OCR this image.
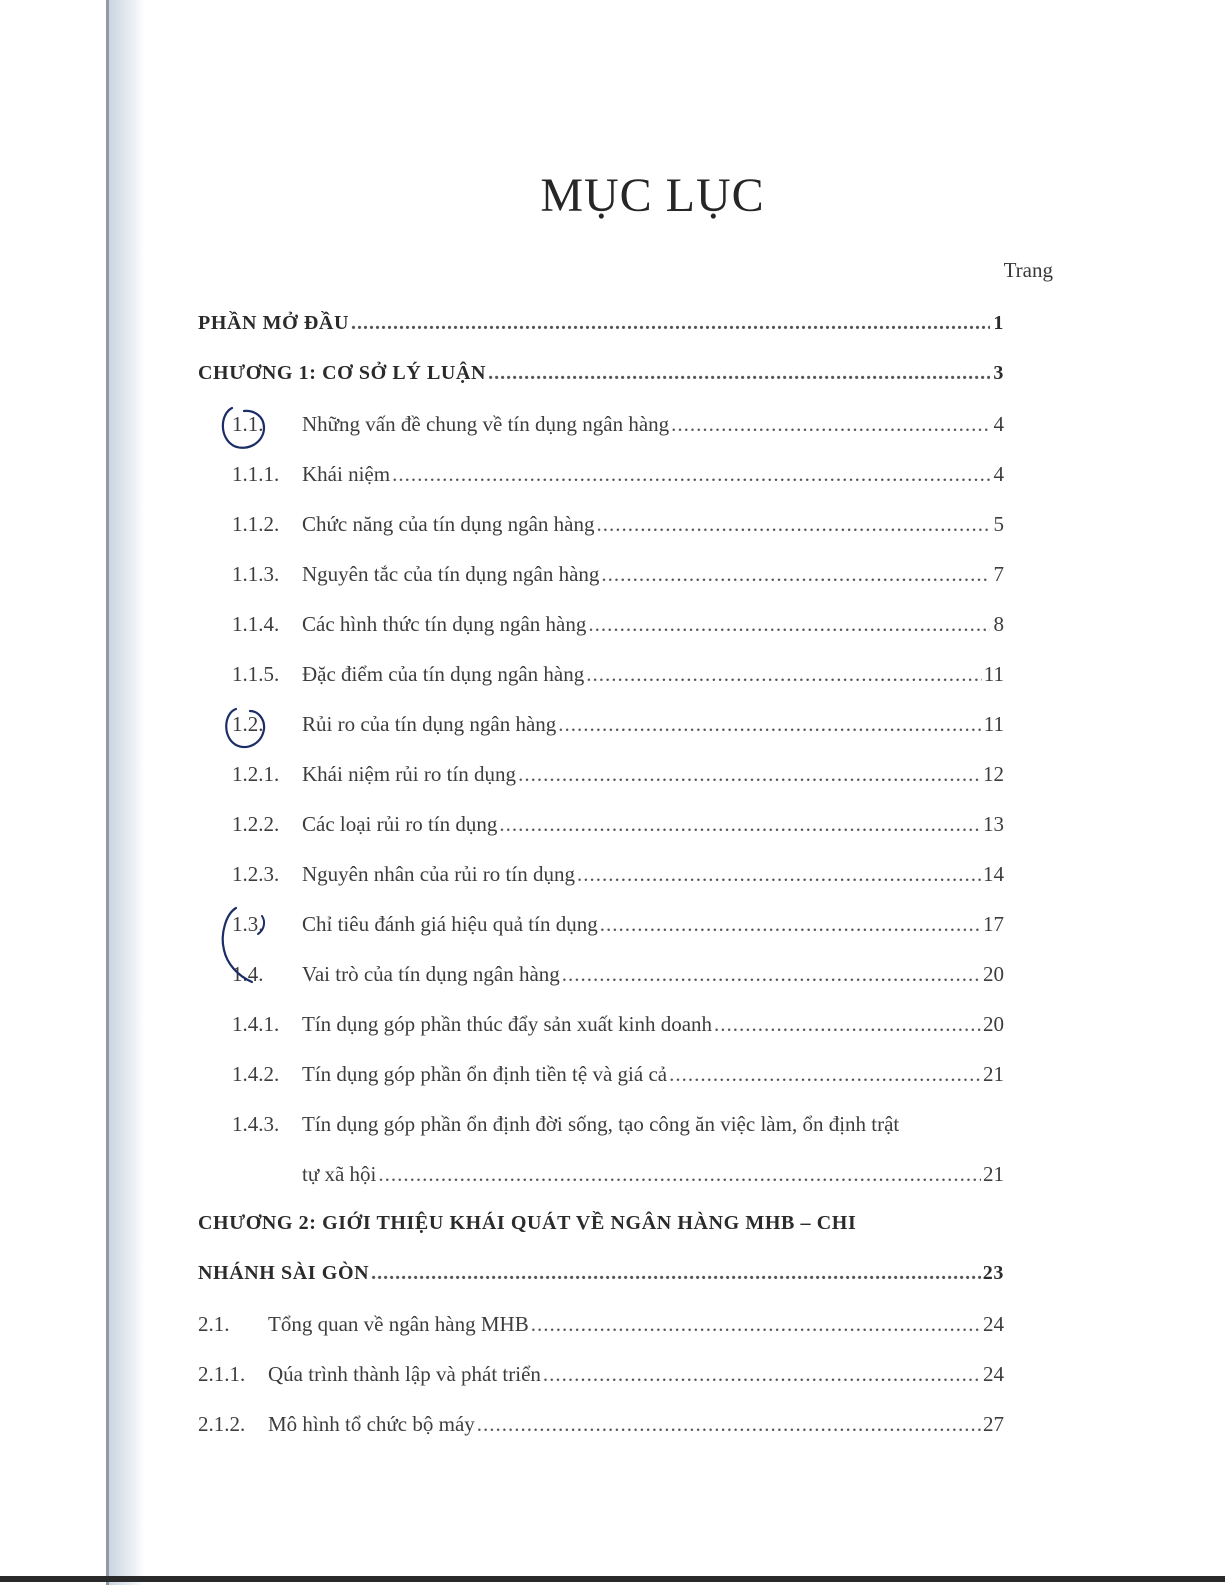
MỤC LỤC
Trang
PHẦN MỞ ĐẦU .....	1
CHƯƠNG 1: CƠ SỞ LÝ LUẬN .....	3
1.1.	Những vấn đề chung về tín dụng ngân hàng .....	4
1.1.1.	Khái niệm .....	4
1.1.2.	Chức năng của tín dụng ngân hàng .....	5
1.1.3.	Nguyên tắc của tín dụng ngân hàng .....	7
1.1.4.	Các hình thức tín dụng ngân hàng .....	8
1.1.5.	Đặc điểm của tín dụng ngân hàng .....	11
1.2.	Rủi ro của tín dụng ngân hàng .....	11
1.2.1.	Khái niệm rủi ro tín dụng .....	12
1.2.2.	Các loại rủi ro tín dụng .....	13
1.2.3.	Nguyên nhân của rủi ro tín dụng .....	14
1.3.	Chỉ tiêu đánh giá hiệu quả tín dụng .....	17
1.4.	Vai trò của tín dụng ngân hàng .....	20
1.4.1.	Tín dụng góp phần thúc đẩy sản xuất kinh doanh .....	20
1.4.2.	Tín dụng góp phần ổn định tiền tệ và giá cả .....	21
1.4.3.	Tín dụng góp phần ổn định đời sống, tạo công ăn việc làm, ổn định trật
tự xã hội .....	21
CHƯƠNG 2: GIỚI THIỆU KHÁI QUÁT VỀ NGÂN HÀNG MHB – CHI
NHÁNH SÀI GÒN .....	23
2.1.	Tổng quan về ngân hàng MHB .....	24
2.1.1.	Qúa trình thành lập và phát triển .....	24
2.1.2.	Mô hình tổ chức bộ máy .....	27
